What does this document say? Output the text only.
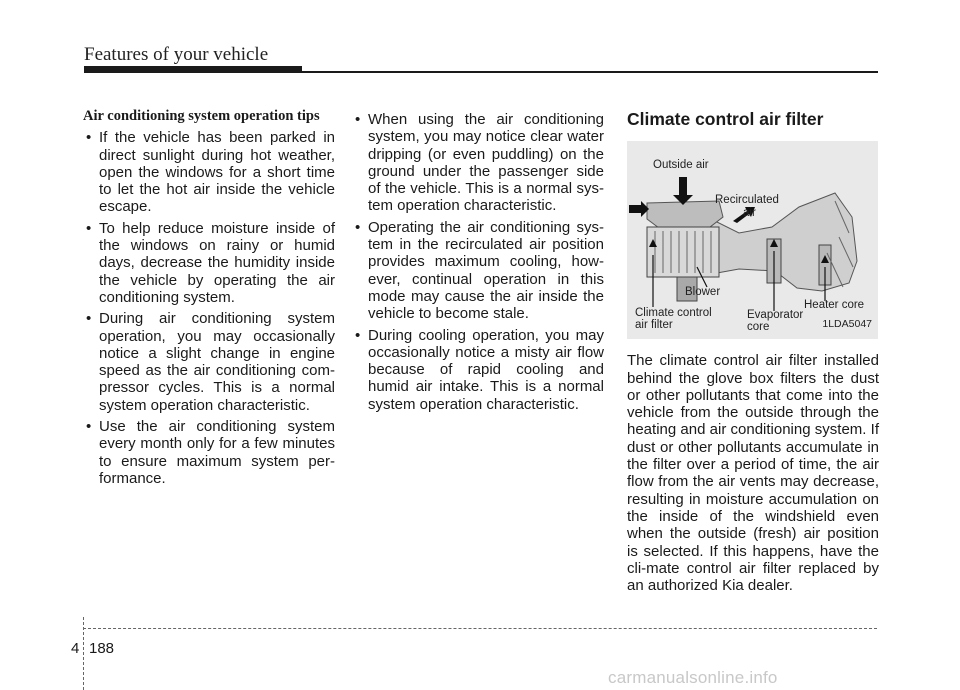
Features of your vehicle
Air conditioning system operation tips
• If the vehicle has been parked in direct sunlight during hot weather, open the windows for a short time to let the hot air inside the vehicle escape.
• To help reduce moisture inside of the windows on rainy or humid days, decrease the humidity inside the vehicle by operating the air conditioning system.
• During air conditioning system operation, you may occasionally notice a slight change in engine speed as the air conditioning com-pressor cycles. This is a normal system operation characteristic.
• Use the air conditioning system every month only for a few minutes to ensure maximum system per-formance.
• When using the air conditioning system, you may notice clear water dripping (or even puddling) on the ground under the passenger side of the vehicle. This is a normal sys-tem operation characteristic.
• Operating the air conditioning sys-tem in the recirculated air position provides maximum cooling, how-ever, continual operation in this mode may cause the air inside the vehicle to become stale.
• During cooling operation, you may occasionally notice a misty air flow because of rapid cooling and humid air intake. This is a normal system operation characteristic.
Climate control air filter
Outside air
Recirculated
air
Blower
Climate control
air filter
Evaporator
core
Heater core
1LDA5047

The climate control air filter installed behind the glove box filters the dust or other pollutants that come into the vehicle from the outside through the heating and air conditioning system. If dust or other pollutants accumulate in the filter over a period of time, the air flow from the air vents may decrease, resulting in moisture accumulation on the inside of the windshield even when the outside (fresh) air position is selected. If this happens, have the cli-mate control air filter replaced by an authorized Kia dealer.

4 188
carmanualsonline.info
